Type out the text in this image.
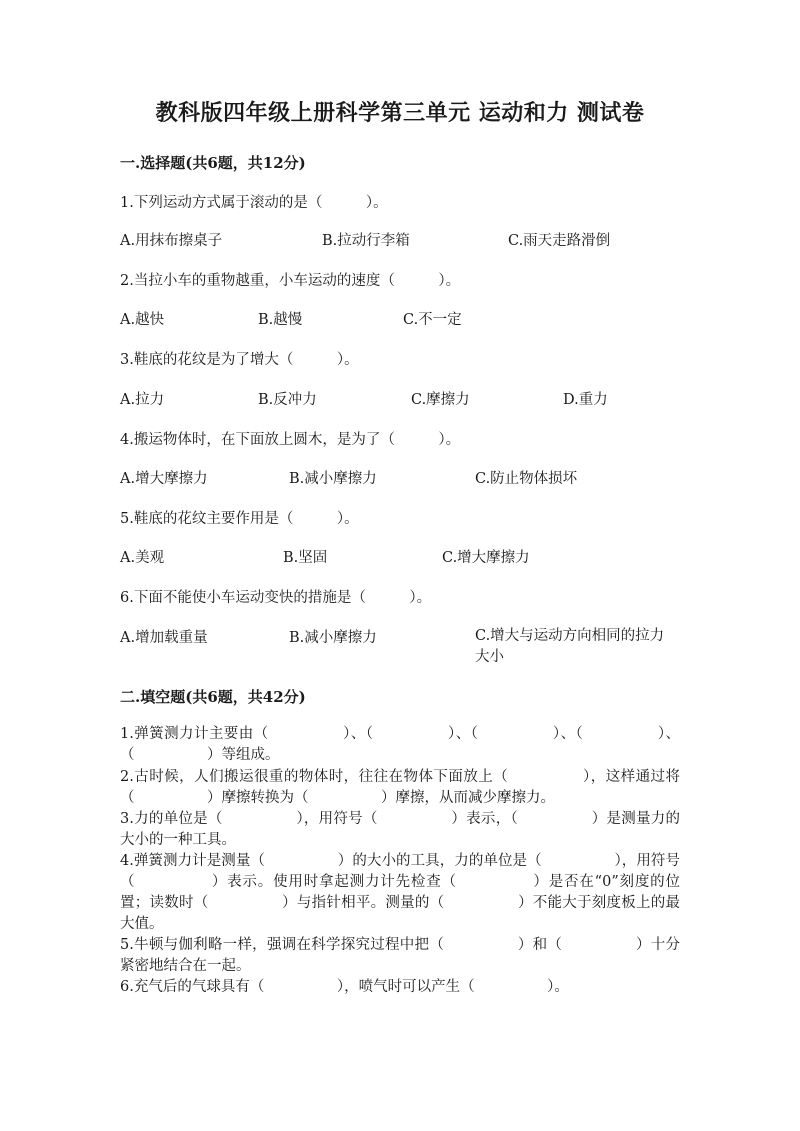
教科版四年级上册科学第三单元 运动和力 测试卷
一.选择题(共6题，共12分)
1.下列运动方式属于滚动的是（　　　）。
A.用抹布擦桌子	B.拉动行李箱	C.雨天走路滑倒
2.当拉小车的重物越重，小车运动的速度（　　　）。
A.越快	B.越慢	C.不一定
3.鞋底的花纹是为了增大（　　　）。
A.拉力	B.反冲力	C.摩擦力	D.重力
4.搬运物体时，在下面放上圆木，是为了（　　　）。
A.增大摩擦力	B.减小摩擦力	C.防止物体损坏
5.鞋底的花纹主要作用是（　　　）。
A.美观	B.坚固	C.增大摩擦力
6.下面不能使小车运动变快的措施是（　　　）。
A.增加载重量	B.减小摩擦力	C.增大与运动方向相同的拉力大小
二.填空题(共6题，共42分)
1.弹簧测力计主要由（　　　　　）、（　　　　　）、（　　　　　）、（　　　　　）、（　　　　　）等组成。
2.古时候，人们搬运很重的物体时，往往在物体下面放上（　　　　　），这样通过将（　　　　　）摩擦转换为（　　　　　）摩擦，从而减少摩擦力。
3.力的单位是（　　　　　），用符号（　　　　　）表示，（　　　　　）是测量力的大小的一种工具。
4.弹簧测力计是测量（　　　　　）的大小的工具，力的单位是（　　　　　），用符号（　　　　　）表示。使用时拿起测力计先检查（　　　　　）是否在“0”刻度的位置；读数时（　　　　　）与指针相平。测量的（　　　　　）不能大于刻度板上的最大值。
5.牛顿与伽利略一样，强调在科学探究过程中把（　　　　　）和（　　　　　）十分紧密地结合在一起。
6.充气后的气球具有（　　　　　），喷气时可以产生（　　　　　）。
